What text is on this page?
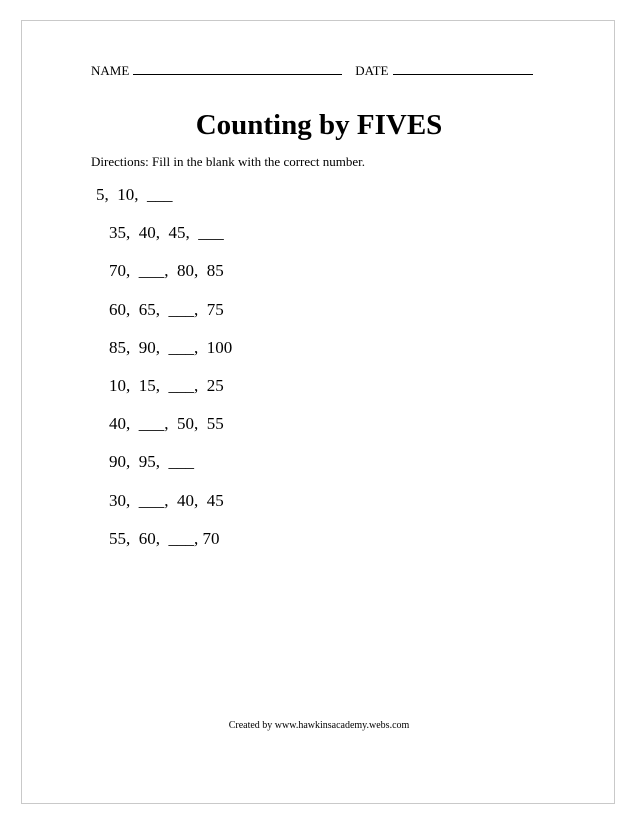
NAME	DATE
Counting by FIVES
Directions: Fill in the blank with the correct number.
5,  10,  ___
35,  40,  45,  ___
70,  ___,  80,  85
60,  65,  ___,  75
85,  90,  ___,  100
10,  15,  ___,  25
40,  ___,  50,  55
90,  95,  ___
30,  ___,  40,  45
55,  60,  ___, 70
Created by www.hawkinsacademy.webs.com
